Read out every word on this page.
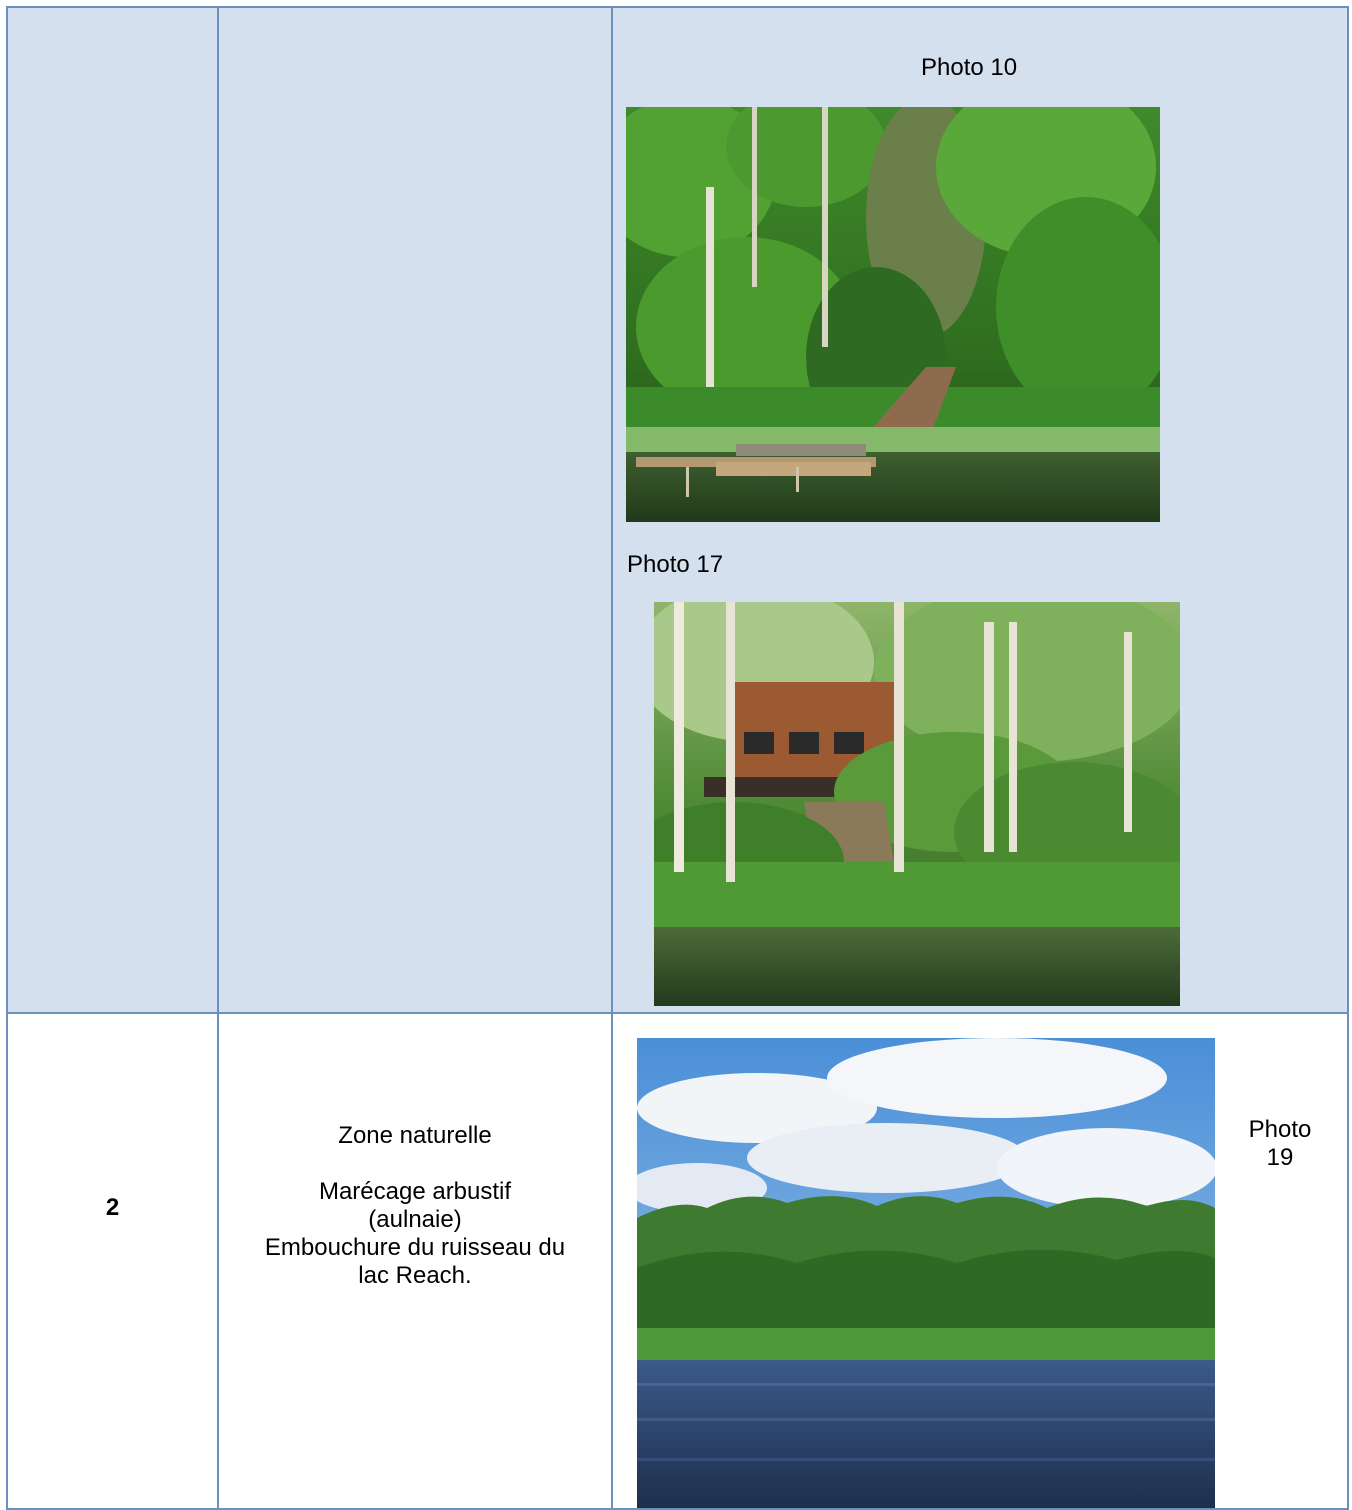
		Photo 10
Photo 17

2	Zone naturelle
Marécage arbustif
(aulnaie)
Embouchure du ruisseau du
lac Reach.	Photo
19
